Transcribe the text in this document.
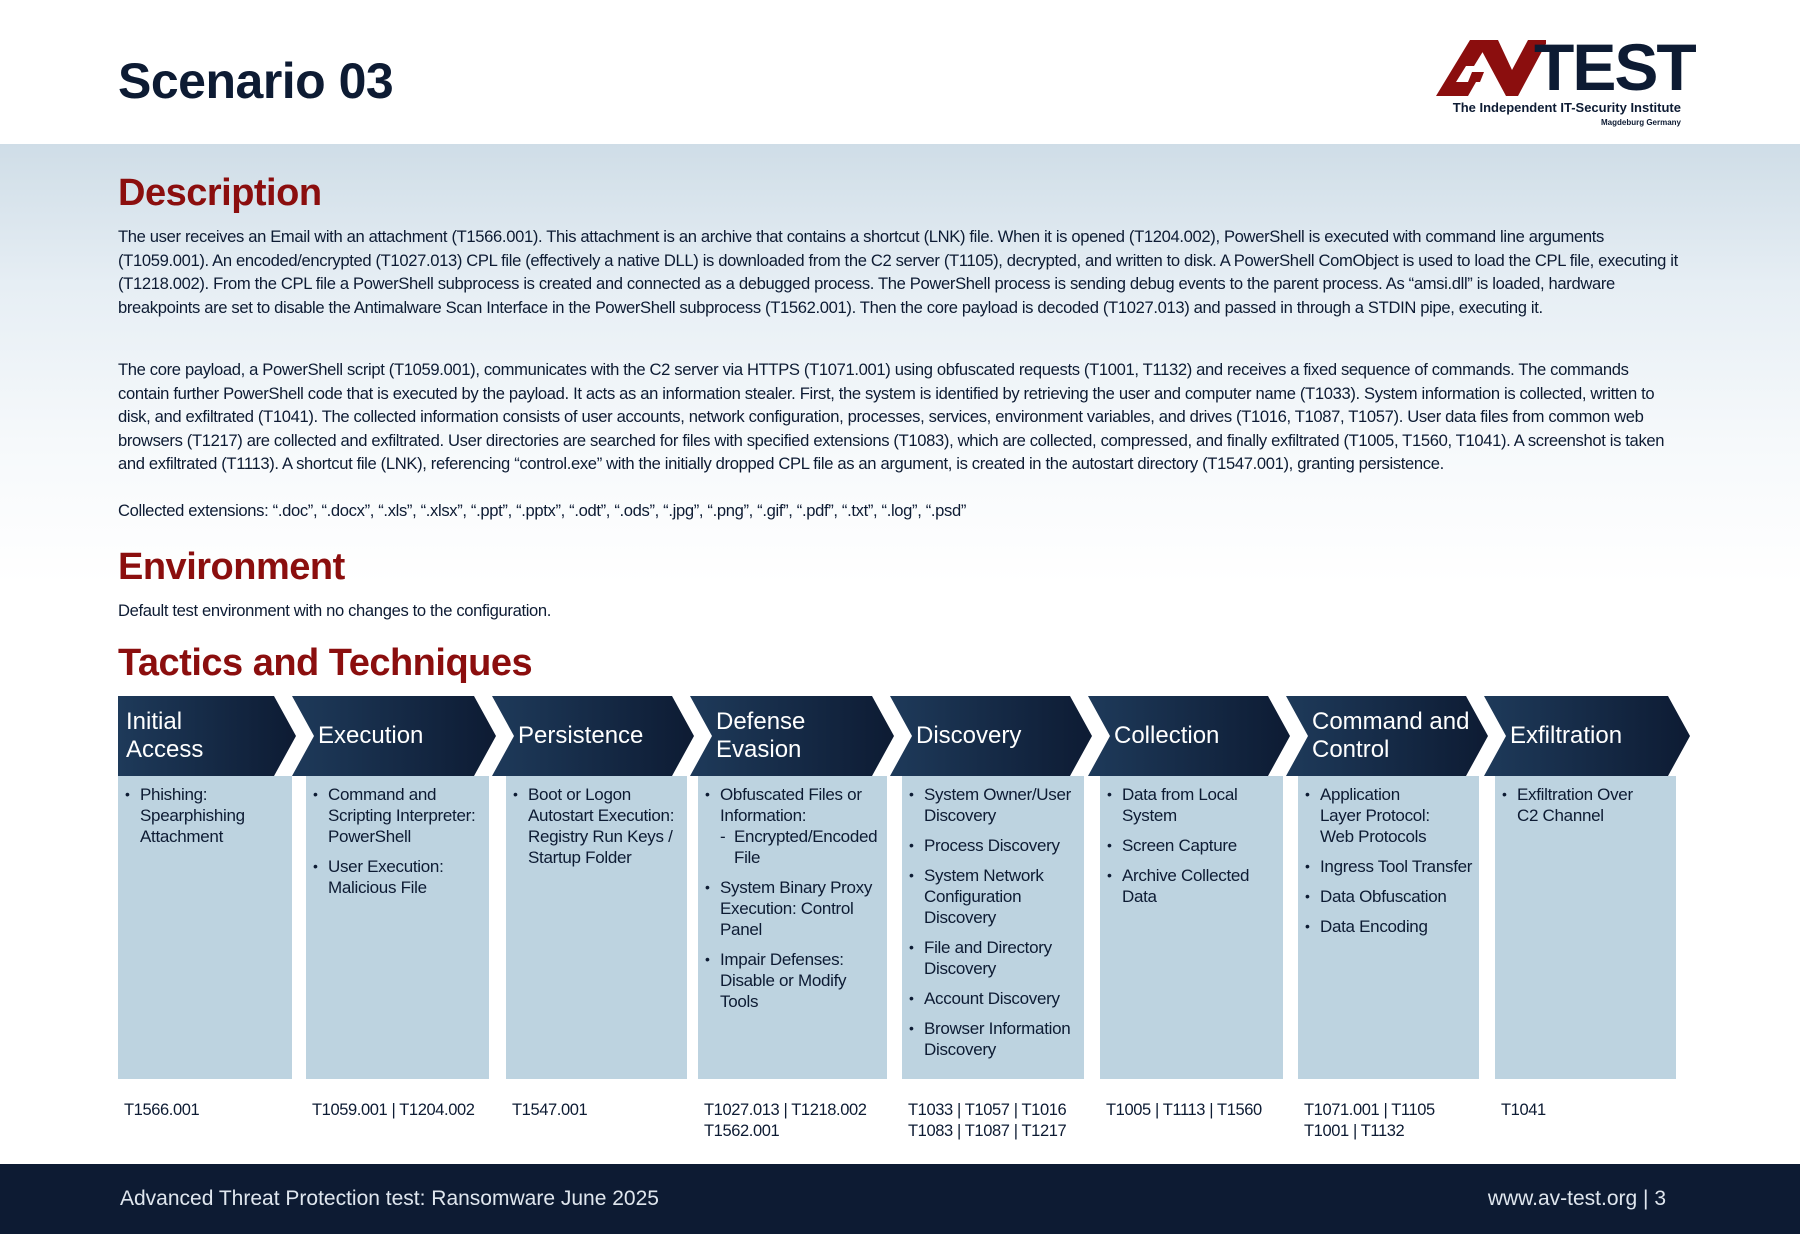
Scenario 03	TEST
The Independent IT-Security Institute
Magdeburg Germany
Description
The user receives an Email with an attachment (T1566.001). This attachment is an archive that contains a shortcut (LNK) file. When it is opened (T1204.002), PowerShell is executed with command line arguments (T1059.001). An encoded/encrypted (T1027.013) CPL file (effectively a native DLL) is downloaded from the C2 server (T1105), decrypted, and written to disk. A PowerShell ComObject is used to load the CPL file, executing it (T1218.002). From the CPL file a PowerShell subprocess is created and connected as a debugged process. The PowerShell process is sending debug events to the parent process. As “amsi.dll” is loaded, hardware breakpoints are set to disable the Antimalware Scan Interface in the PowerShell subprocess (T1562.001). Then the core payload is decoded (T1027.013) and passed in through a STDIN pipe, executing it.
The core payload, a PowerShell script (T1059.001), communicates with the C2 server via HTTPS (T1071.001) using obfuscated requests (T1001, T1132) and receives a fixed sequence of commands. The commands contain further PowerShell code that is executed by the payload. It acts as an information stealer. First, the system is identified by retrieving the user and computer name (T1033). System information is collected, written to disk, and exfiltrated (T1041). The collected information consists of user accounts, network configuration, processes, services, environment variables, and drives (T1016, T1087, T1057). User data files from common web browsers (T1217) are collected and exfiltrated. User directories are searched for files with specified extensions (T1083), which are collected, compressed, and finally exfiltrated (T1005, T1560, T1041). A screenshot is taken and exfiltrated (T1113). A shortcut file (LNK), referencing “control.exe” with the initially dropped CPL file as an argument, is created in the autostart directory (T1547.001), granting persistence.
Collected extensions: “.doc”, “.docx”, “.xls”, “.xlsx”, “.ppt”, “.pptx”, “.odt”, “.ods”, “.jpg”, “.png”, “.gif”, “.pdf”, “.txt”, “.log”, “.psd”
Environment
Default test environment with no changes to the configuration.
Tactics and Techniques
Initial
Access
• Phishing:
Spearphishing
Attachment
T1566.001
Execution
• Command and
Scripting Interpreter:
PowerShell
• User Execution:
Malicious File
T1059.001 | T1204.002
Persistence
• Boot or Logon
Autostart Execution:
Registry Run Keys /
Startup Folder
T1547.001
Defense
Evasion
• Obfuscated Files or
Information:
- Encrypted/Encoded File
• System Binary Proxy
Execution: Control
Panel
• Impair Defenses:
Disable or Modify
Tools
T1027.013 | T1218.002
T1562.001
Discovery
• System Owner/User
Discovery
• Process Discovery
• System Network
Configuration
Discovery
• File and Directory
Discovery
• Account Discovery
• Browser Information
Discovery
T1033 | T1057 | T1016
T1083 | T1087 | T1217
Collection
• Data from Local
System
• Screen Capture
• Archive Collected
Data
T1005 | T1113 | T1560
Command and
Control
• Application
Layer Protocol:
Web Protocols
• Ingress Tool Transfer
• Data Obfuscation
• Data Encoding
T1071.001 | T1105
T1001 | T1132
Exfiltration
• Exfiltration Over
C2 Channel
T1041
Advanced Threat Protection test: Ransomware June 2025	www.av-test.org | 3
